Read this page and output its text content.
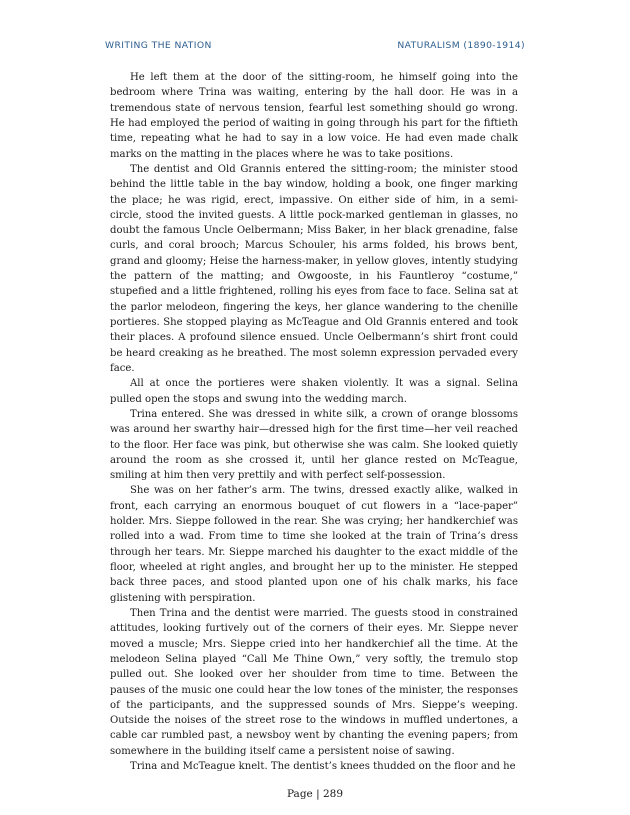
WRITING THE NATION	NATURALISM (1890-1914)

He left them at the door of the sitting-room, he himself going into the bedroom where Trina was waiting, entering by the hall door. He was in a tremendous state of nervous tension, fearful lest something should go wrong. He had employed the period of waiting in going through his part for the fiftieth time, repeating what he had to say in a low voice. He had even made chalk marks on the matting in the places where he was to take positions.

The dentist and Old Grannis entered the sitting-room; the minister stood behind the little table in the bay window, holding a book, one finger marking the place; he was rigid, erect, impassive. On either side of him, in a semi-circle, stood the invited guests. A little pock-marked gentleman in glasses, no doubt the famous Uncle Oelbermann; Miss Baker, in her black grenadine, false curls, and coral brooch; Marcus Schouler, his arms folded, his brows bent, grand and gloomy; Heise the harness-maker, in yellow gloves, intently studying the pattern of the matting; and Owgooste, in his Fauntleroy “costume,” stupefied and a little frightened, rolling his eyes from face to face. Selina sat at the parlor melodeon, fingering the keys, her glance wandering to the chenille portieres. She stopped playing as McTeague and Old Grannis entered and took their places. A profound silence ensued. Uncle Oelbermann’s shirt front could be heard creaking as he breathed. The most solemn expression pervaded every face.

All at once the portieres were shaken violently. It was a signal. Selina pulled open the stops and swung into the wedding march.

Trina entered. She was dressed in white silk, a crown of orange blossoms was around her swarthy hair—dressed high for the first time—her veil reached to the floor. Her face was pink, but otherwise she was calm. She looked quietly around the room as she crossed it, until her glance rested on McTeague, smiling at him then very prettily and with perfect self-possession.

She was on her father’s arm. The twins, dressed exactly alike, walked in front, each carrying an enormous bouquet of cut flowers in a “lace-paper” holder. Mrs. Sieppe followed in the rear. She was crying; her handkerchief was rolled into a wad. From time to time she looked at the train of Trina’s dress through her tears. Mr. Sieppe marched his daughter to the exact middle of the floor, wheeled at right angles, and brought her up to the minister. He stepped back three paces, and stood planted upon one of his chalk marks, his face glistening with perspiration.

Then Trina and the dentist were married. The guests stood in constrained attitudes, looking furtively out of the corners of their eyes. Mr. Sieppe never moved a muscle; Mrs. Sieppe cried into her handkerchief all the time. At the melodeon Selina played “Call Me Thine Own,” very softly, the tremulo stop pulled out. She looked over her shoulder from time to time. Between the pauses of the music one could hear the low tones of the minister, the responses of the participants, and the suppressed sounds of Mrs. Sieppe’s weeping. Outside the noises of the street rose to the windows in muffled undertones, a cable car rumbled past, a newsboy went by chanting the evening papers; from somewhere in the building itself came a persistent noise of sawing.

Trina and McTeague knelt. The dentist’s knees thudded on the floor and he

Page | 289
